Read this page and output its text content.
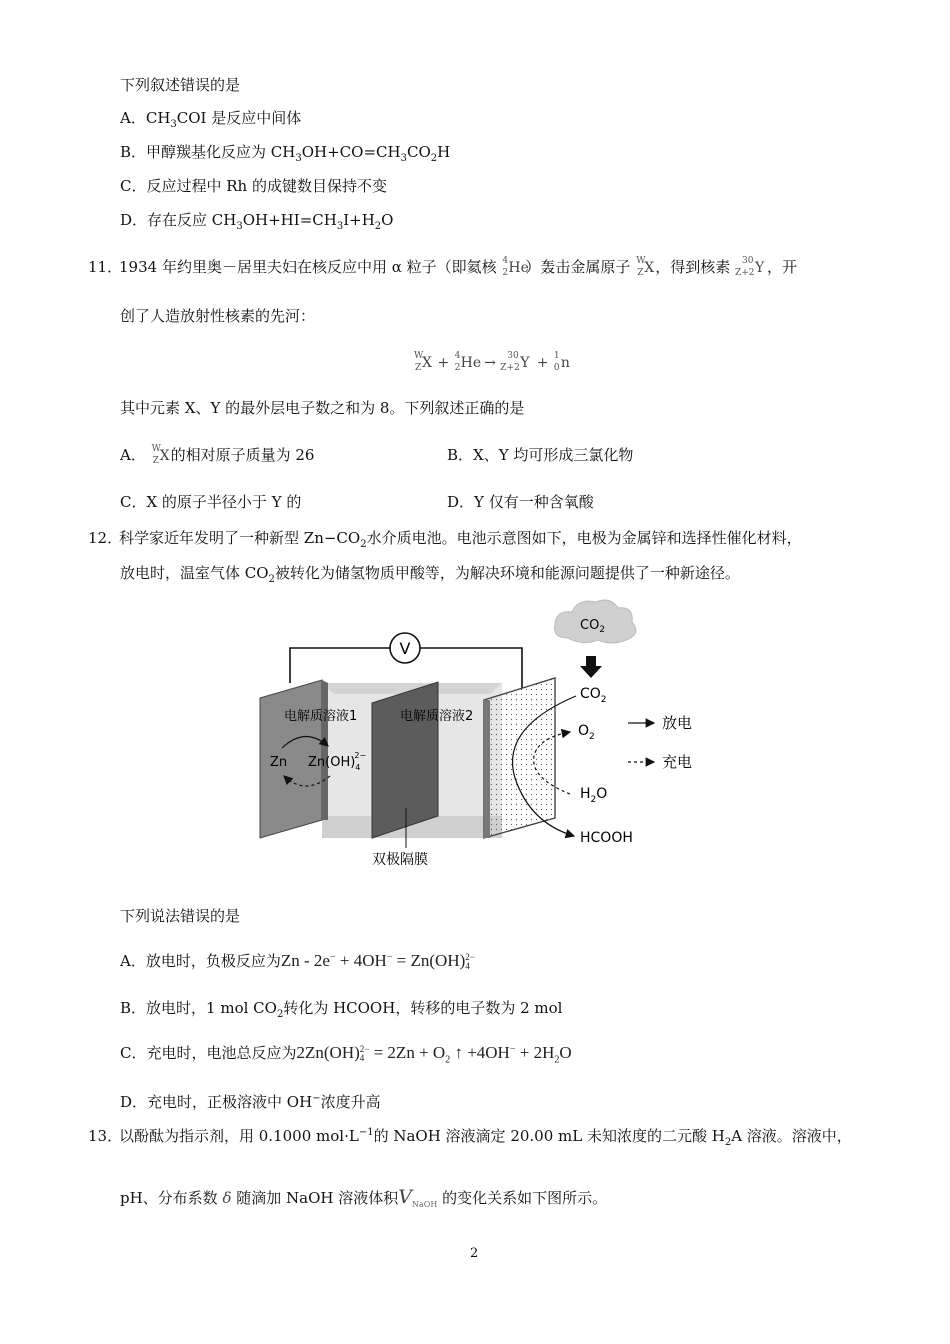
下列叙述错误的是
A．$CH_3COI$ 是反应中间体
B．甲醇羰基化反应为 $CH_3OH+CO=CH_3CO_2H$
C．反应过程中 Rh 的成键数目保持不变
D．存在反应 $CH_3OH+HI=CH_3I+H_2O$
11．
1934 年约里奥－居里夫妇在核反应中用 α 粒子（即氦核 4
2 He
）轰击金属原子 W
Z X ，得到核素 30
Z+2 Y ，开
创了人造放射性核素的先河：
W
Z X + 4
2 He → 30
Z+2 Y + 1
0 n
其中元素 X、Y 的最外层电子数之和为 8。下列叙述正确的是
A． W
Z X 的相对原子质量为 26	B．X、Y 均可形成三氯化物
C．X 的原子半径小于 Y 的	D．Y 仅有一种含氧酸
12．
科学家近年发明了一种新型 $Zn-CO_2$水介质电池。电池示意图如下，电极为金属锌和选择性催化材料，
放电时，温室气体 $CO_2$被转化为储氢物质甲酸等，为解决环境和能源问题提供了一种新途径。
V
电解质溶液1	电解质溶液2
Zn $Zn(OH)_42-$
$CO_2$
$CO_2$
$O_2$
$H_2O$
HCOOH
双极隔膜
放电
充电
下列说法错误的是
A．放电时，负极反应为Zn - 2e− + 4OH− = Zn(OH)2−
4
B．放电时，1 mol $CO_2$转化为 HCOOH，转移的电子数为 2 mol
C．充电时，电池总反应为2Zn(OH)2−
$4 = 2Zn + O_2$ ↑ $+4OH^- + 2H_2O$
D．充电时，正极溶液中 OH−浓度升高
13．
以酚酞为指示剂，用 0.1000 $mol\cdot L^{-1}$的 NaOH 溶液滴定 20.00 mL 未知浓度的二元酸 $H_2A$ 溶液。溶液中，
pH、分布系数 δ 随滴加 NaOH 溶液体积$V_{NaOH}$ 的变化关系如下图所示。
2
